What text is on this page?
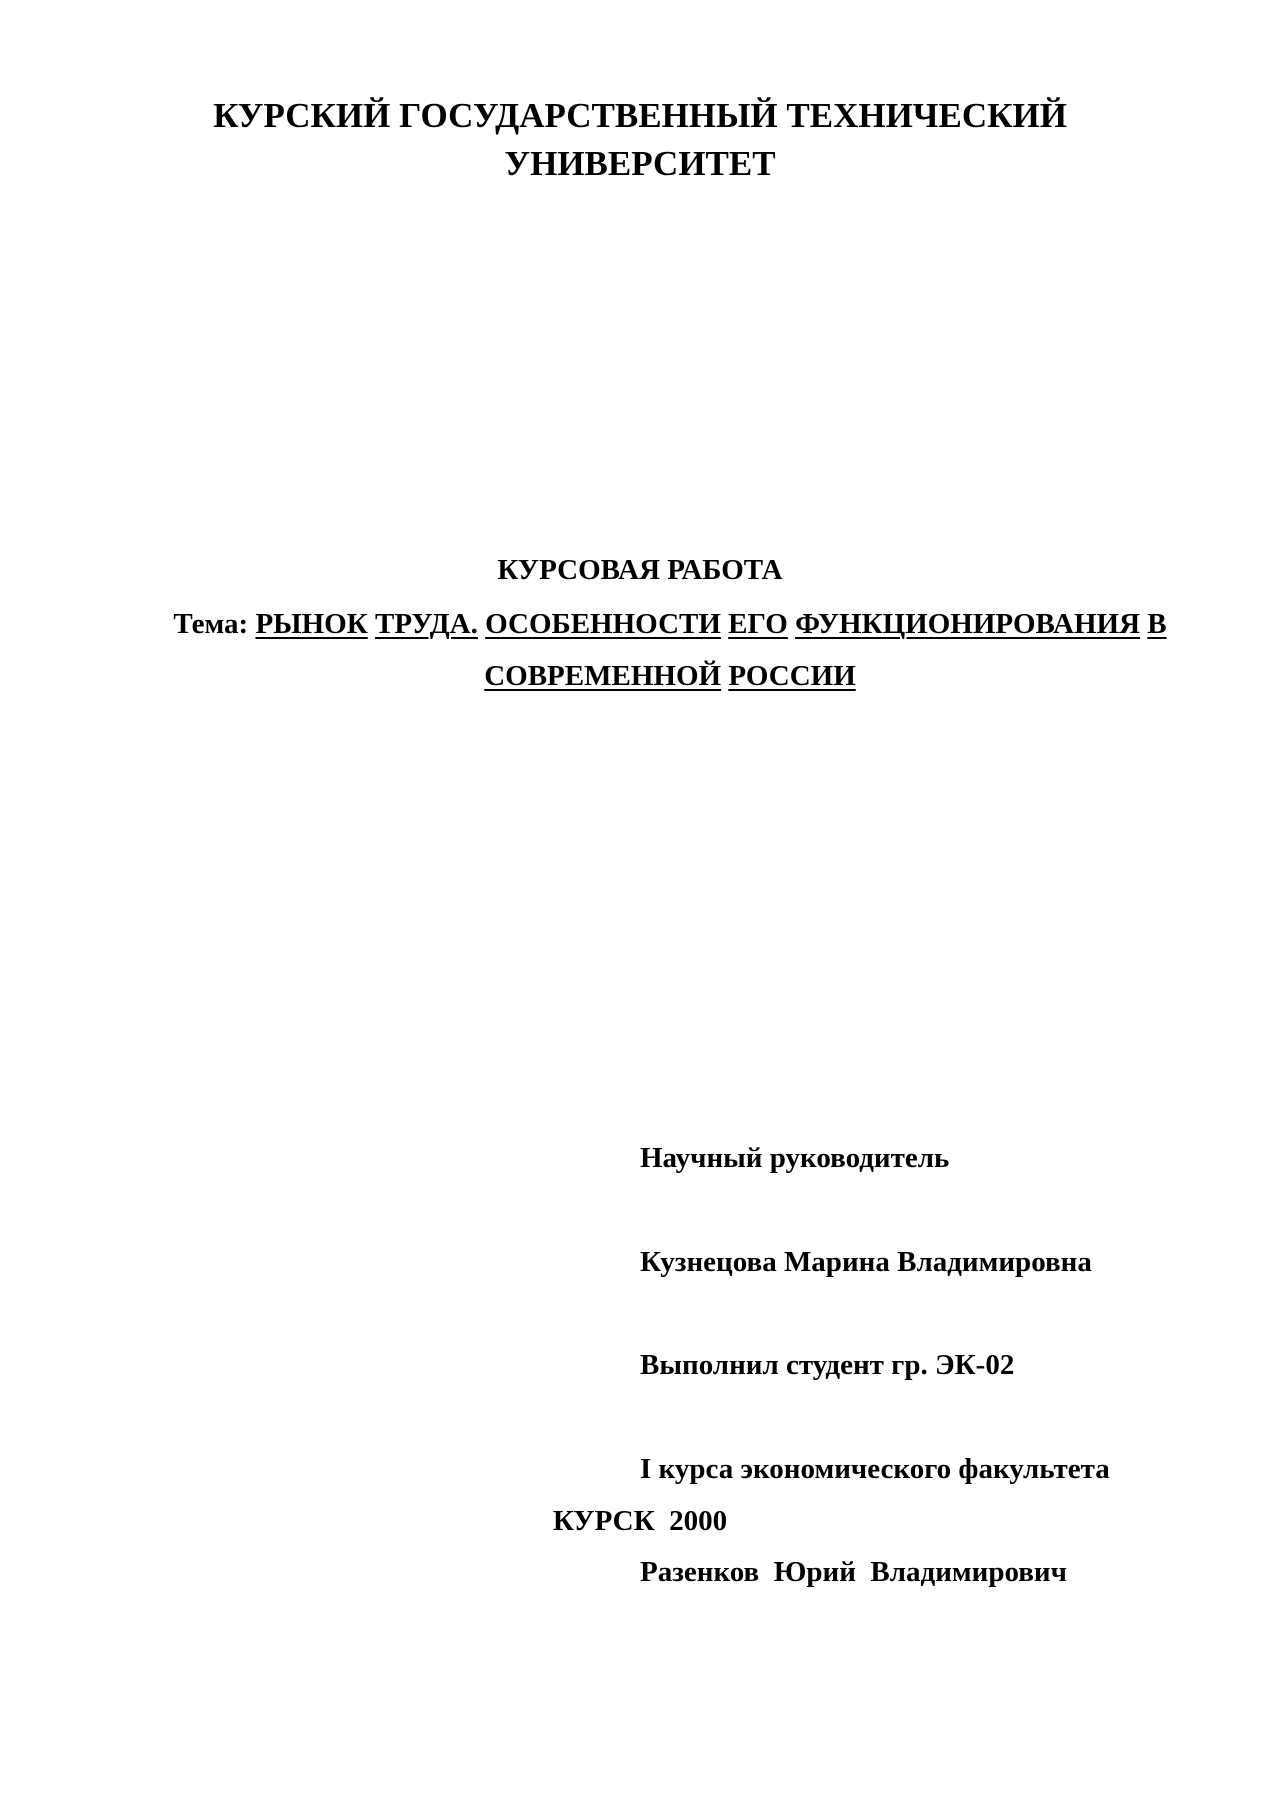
КУРСКИЙ ГОСУДАРСТВЕННЫЙ ТЕХНИЧЕСКИЙ
УНИВЕРСИТЕТ
КУРСОВАЯ РАБОТА
Тема: РЫНОК ТРУДА. ОСОБЕННОСТИ ЕГО ФУНКЦИОНИРОВАНИЯ В СОВРЕМЕННОЙ РОССИИ

Научный руководитель

Кузнецова Марина Владимировна

Выполнил студент гр. ЭК-02

I курса экономического факультета

Разенков  Юрий  Владимирович

КУРСК  2000
